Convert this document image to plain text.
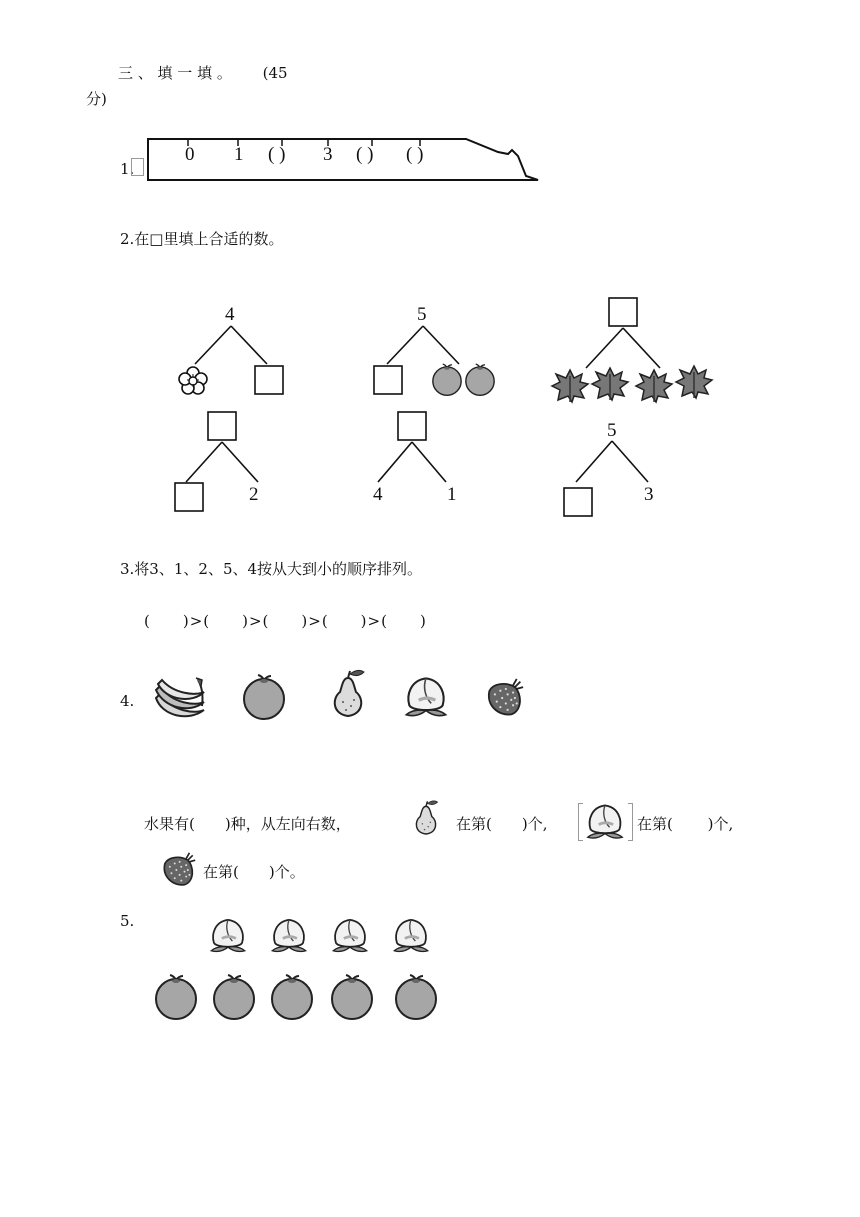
三 、 填 一 填 。 (45
分)
1.
0 1 ( ) 3 ( ) ( )
2.在□里填上合适的数。
4	5
2	4	1
5
3
3.将3、1、2、5、4按从大到小的顺序排列。
(　　)>(　　)>(　　)>(　　)>(　　)
4.
水果有(　　)种，从左向右数，	在第(　　)个,	在第(　　 )个,
在第(　　)个。
5.
